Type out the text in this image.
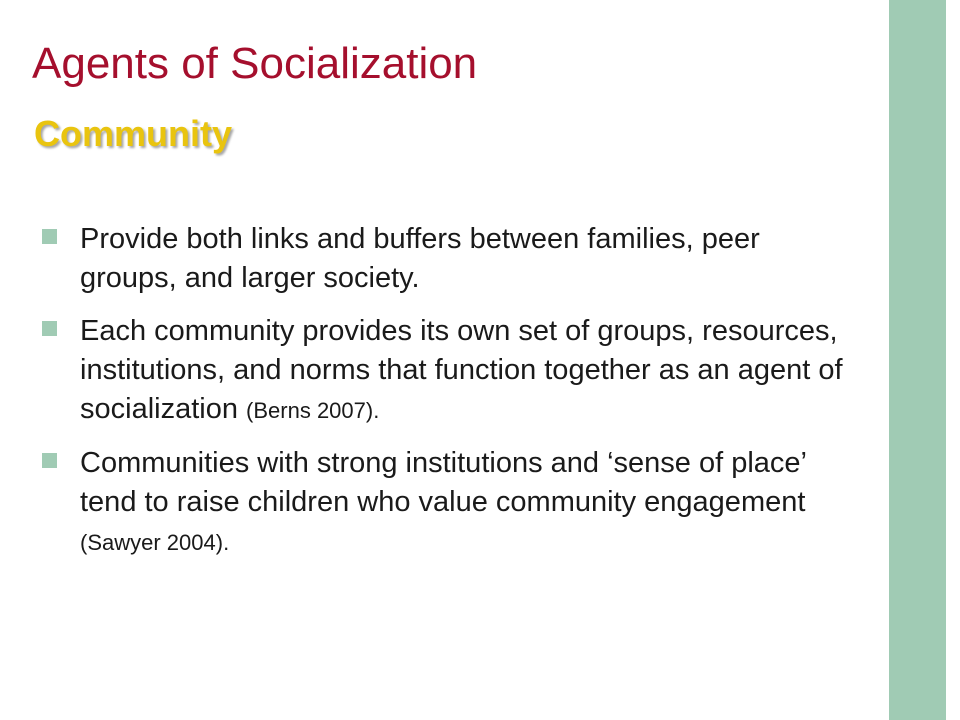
Agents of Socialization
Community
Provide both links and buffers between families, peer groups, and larger society.
Each community provides its own set of groups, resources, institutions, and norms that function together as an agent of socialization (Berns 2007).
Communities with strong institutions and ‘sense of place’ tend to raise children who value community engagement (Sawyer 2004).
